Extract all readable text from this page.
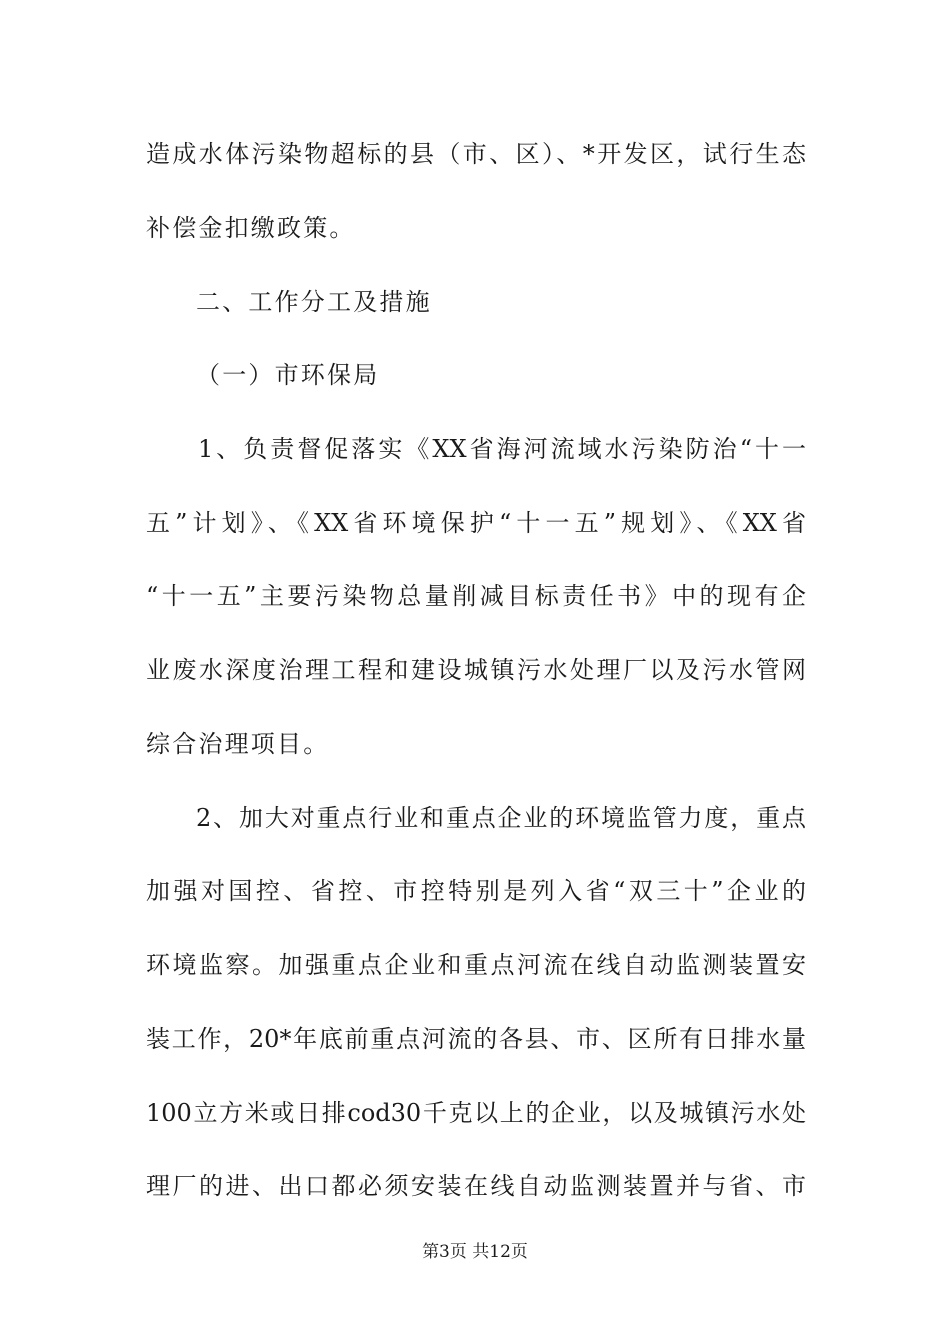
造成水体污染物超标的县（市、区）、*开发区，试行生态
补偿金扣缴政策。
二、工作分工及措施
（一）市环保局
1、负责督促落实《XX省海河流域水污染防治“十一
五”计划》、《XX省环境保护“十一五”规划》、《XX省
“十一五”主要污染物总量削减目标责任书》中的现有企
业废水深度治理工程和建设城镇污水处理厂以及污水管网
综合治理项目。
2、加大对重点行业和重点企业的环境监管力度，重点
加强对国控、省控、市控特别是列入省“双三十”企业的
环境监察。加强重点企业和重点河流在线自动监测装置安
装工作，20*年底前重点河流的各县、市、区所有日排水量
100立方米或日排cod30千克以上的企业，以及城镇污水处
理厂的进、出口都必须安装在线自动监测装置并与省、市
第3页 共12页
